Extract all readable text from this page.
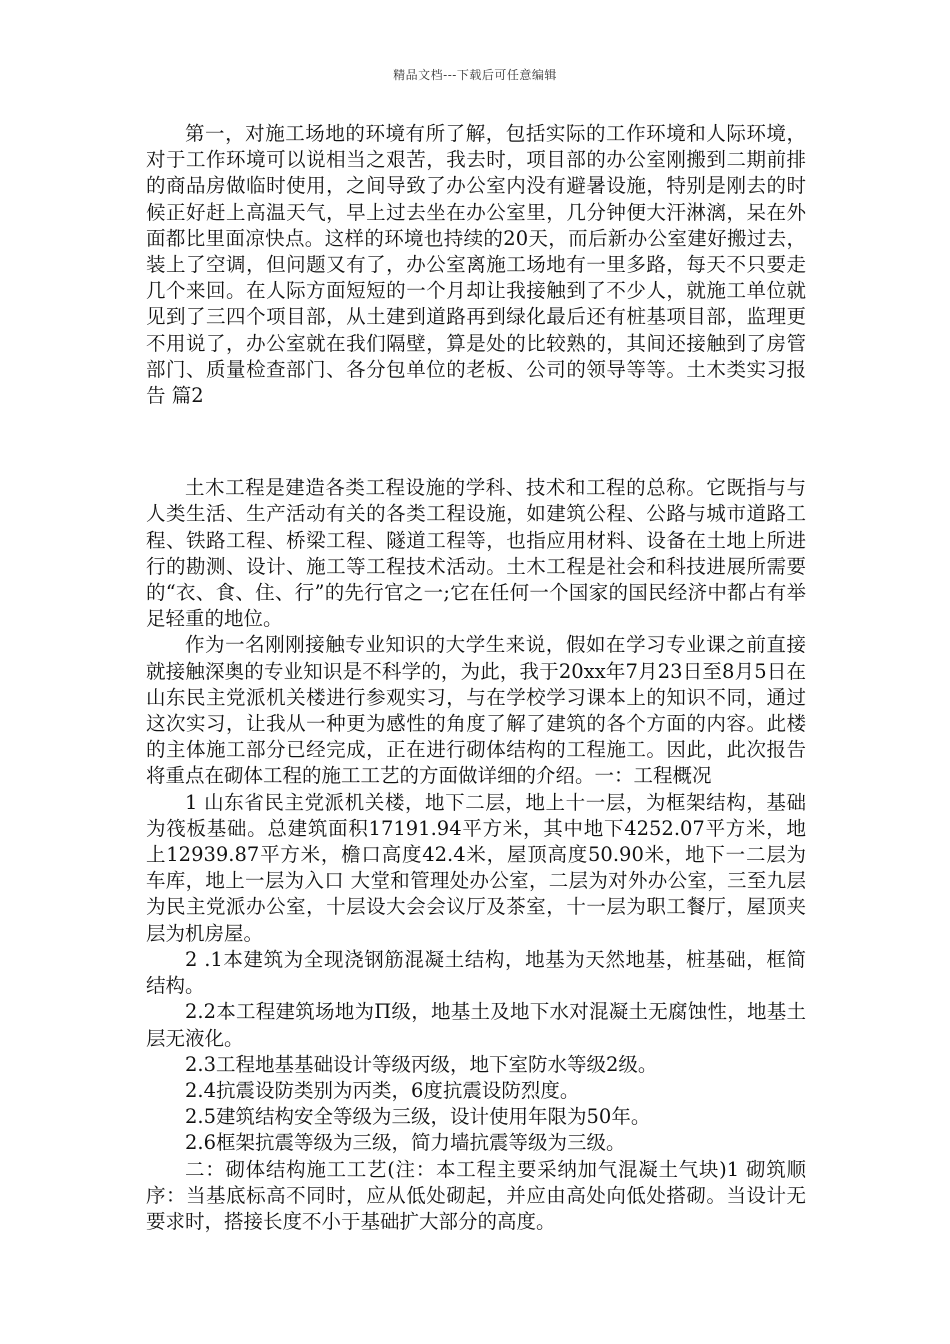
精品文档---下载后可任意编辑

第一，对施工场地的环境有所了解，包括实际的工作环境和人际环境，对于工作环境可以说相当之艰苦，我去时，项目部的办公室刚搬到二期前排的商品房做临时使用，之间导致了办公室内没有避暑设施，特别是刚去的时候正好赶上高温天气，早上过去坐在办公室里，几分钟便大汗淋漓，呆在外面都比里面凉快点。这样的环境也持续的20天，而后新办公室建好搬过去，装上了空调，但问题又有了，办公室离施工场地有一里多路，每天不只要走几个来回。在人际方面短短的一个月却让我接触到了不少人，就施工单位就见到了三四个项目部，从土建到道路再到绿化最后还有桩基项目部，监理更不用说了，办公室就在我们隔壁，算是处的比较熟的，其间还接触到了房管部门、质量检查部门、各分包单位的老板、公司的领导等等。土木类实习报告 篇2

土木工程是建造各类工程设施的学科、技术和工程的总称。它既指与与人类生活、生产活动有关的各类工程设施，如建筑公程、公路与城市道路工程、铁路工程、桥梁工程、隧道工程等，也指应用材料、设备在土地上所进行的勘测、设计、施工等工程技术活动。土木工程是社会和科技进展所需要的“衣、食、住、行”的先行官之一;它在任何一个国家的国民经济中都占有举足轻重的地位。

作为一名刚刚接触专业知识的大学生来说，假如在学习专业课之前直接就接触深奥的专业知识是不科学的，为此，我于20xx年7月23日至8月5日在山东民主党派机关楼进行参观实习，与在学校学习课本上的知识不同，通过这次实习，让我从一种更为感性的角度了解了建筑的各个方面的内容。此楼的主体施工部分已经完成，正在进行砌体结构的工程施工。因此，此次报告将重点在砌体工程的施工工艺的方面做详细的介绍。一：工程概况

1 山东省民主党派机关楼，地下二层，地上十一层，为框架结构，基础为筏板基础。总建筑面积17191.94平方米，其中地下4252.07平方米，地上12939.87平方米，檐口高度42.4米，屋顶高度50.90米，地下一二层为车库，地上一层为入口 大堂和管理处办公室，二层为对外办公室，三至九层为民主党派办公室，十层设大会会议厅及茶室，十一层为职工餐厅，屋顶夹层为机房屋。

2 .1本建筑为全现浇钢筋混凝土结构，地基为天然地基，桩基础，框简结构。

2.2本工程建筑场地为Π级，地基土及地下水对混凝土无腐蚀性，地基土层无液化。

2.3工程地基基础设计等级丙级，地下室防水等级2级。

2.4抗震设防类别为丙类，6度抗震设防烈度。

2.5建筑结构安全等级为三级，设计使用年限为50年。

2.6框架抗震等级为三级，简力墙抗震等级为三级。

二：砌体结构施工工艺(注：本工程主要采纳加气混凝土气块)1 砌筑顺序：当基底标高不同时，应从低处砌起，并应由高处向低处搭砌。当设计无要求时，搭接长度不小于基础扩大部分的高度。
